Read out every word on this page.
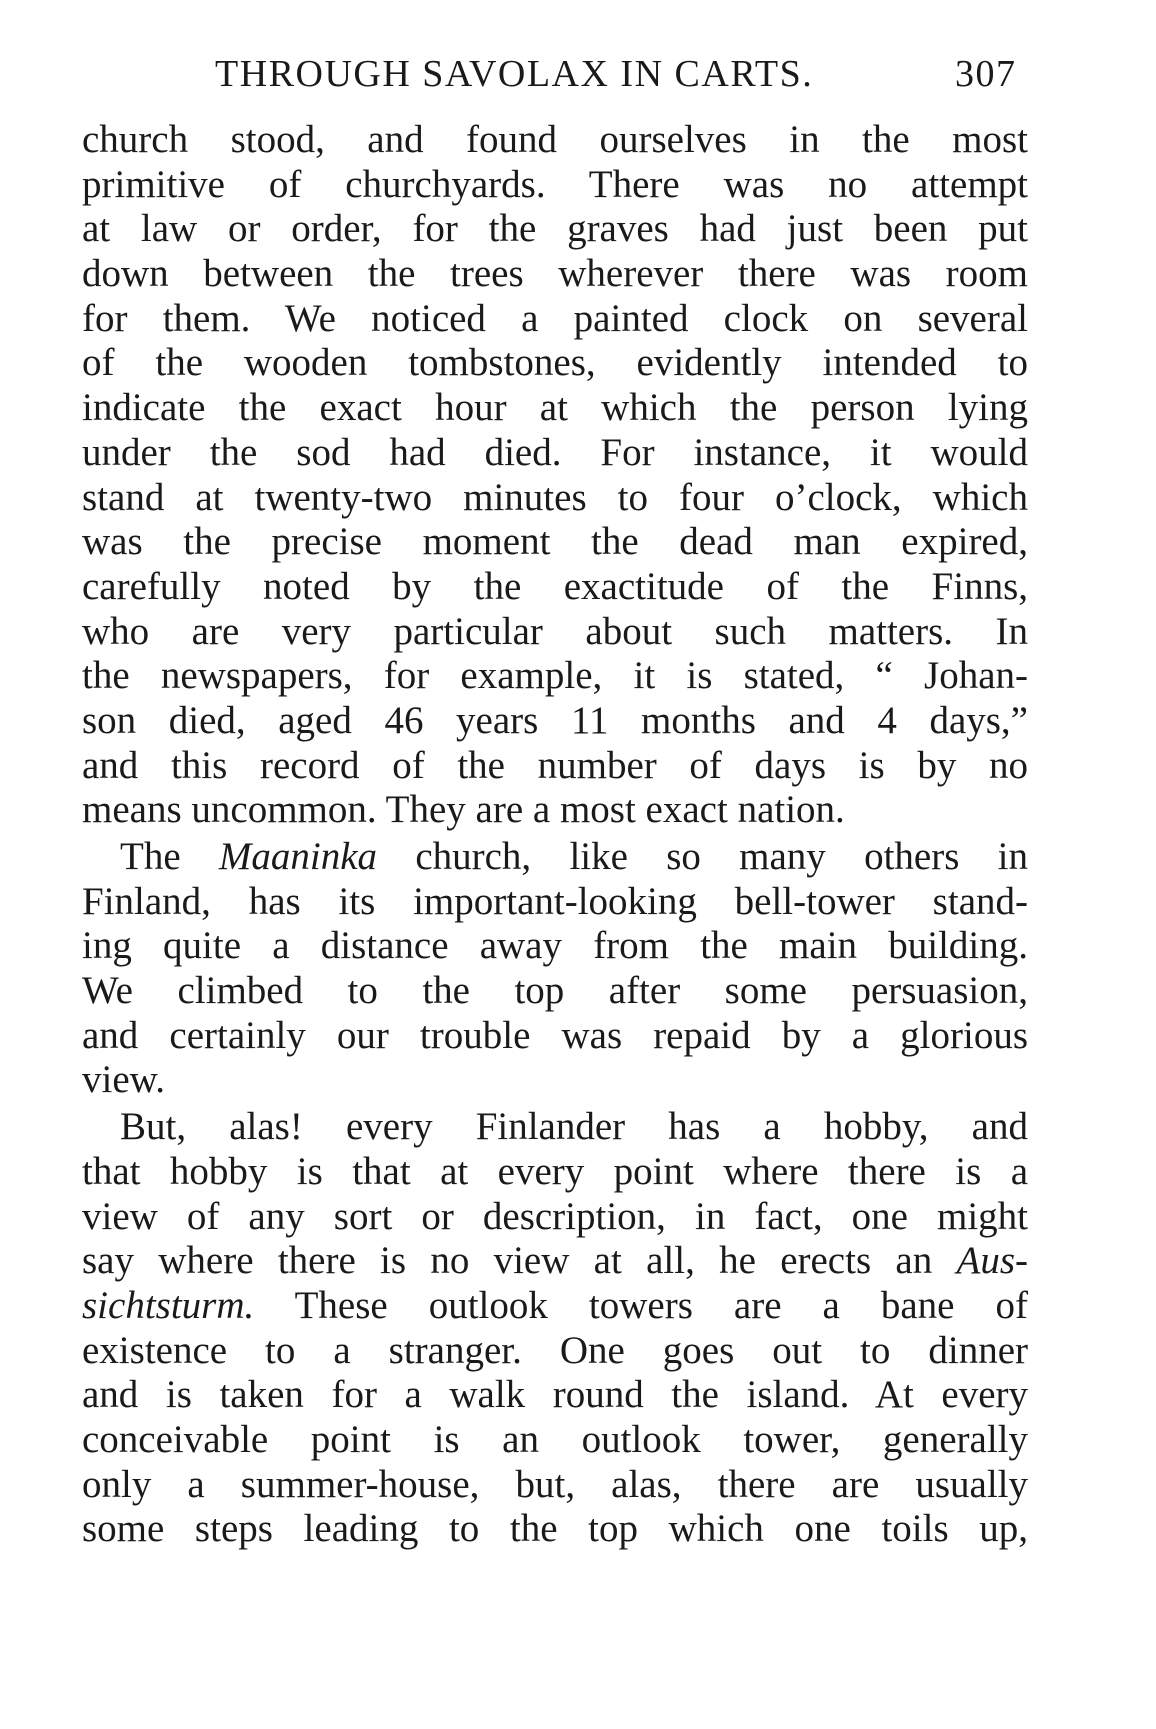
THROUGH SAVOLAX IN CARTS.	307
church stood, and found ourselves in the most
primitive of churchyards. There was no attempt
at law or order, for the graves had just been put
down between the trees wherever there was room
for them. We noticed a painted clock on several
of the wooden tombstones, evidently intended to
indicate the exact hour at which the person lying
under the sod had died. For instance, it would
stand at twenty-two minutes to four o’clock, which
was the precise moment the dead man expired,
carefully noted by the exactitude of the Finns,
who are very particular about such matters. In
the newspapers, for example, it is stated, “ Johan-
son died, aged 46 years 11 months and 4 days,”
and this record of the number of days is by no
means uncommon. They are a most exact nation.
The Maaninka church, like so many others in
Finland, has its important-looking bell-tower stand-
ing quite a distance away from the main building.
We climbed to the top after some persuasion,
and certainly our trouble was repaid by a glorious
view.
But, alas! every Finlander has a hobby, and
that hobby is that at every point where there is a
view of any sort or description, in fact, one might
say where there is no view at all, he erects an Aus-
sichtsturm. These outlook towers are a bane of
existence to a stranger. One goes out to dinner
and is taken for a walk round the island. At every
conceivable point is an outlook tower, generally
only a summer-house, but, alas, there are usually
some steps leading to the top which one toils up,
